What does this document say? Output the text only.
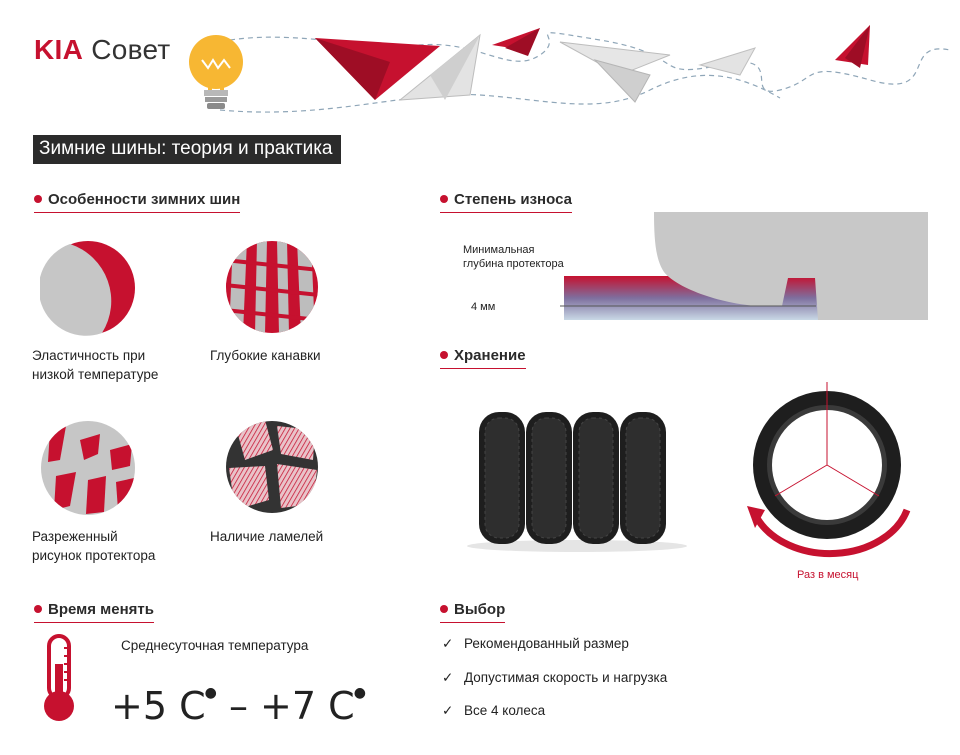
KIA Совет
Зимние шины: теория и практика
Особенности зимних шин
Эластичность при
низкой температуре
Глубокие канавки
Разреженный
рисунок протектора
Наличие ламелей
Степень износа
Минимальная
глубина протектора
4 мм
Хранение
Раз в месяц
Время менять
Среднесуточная температура
+5 C● – +7 C●
Выбор
✓ Рекомендованный размер
✓ Допустимая скорость и нагрузка
✓ Все 4 колеса
